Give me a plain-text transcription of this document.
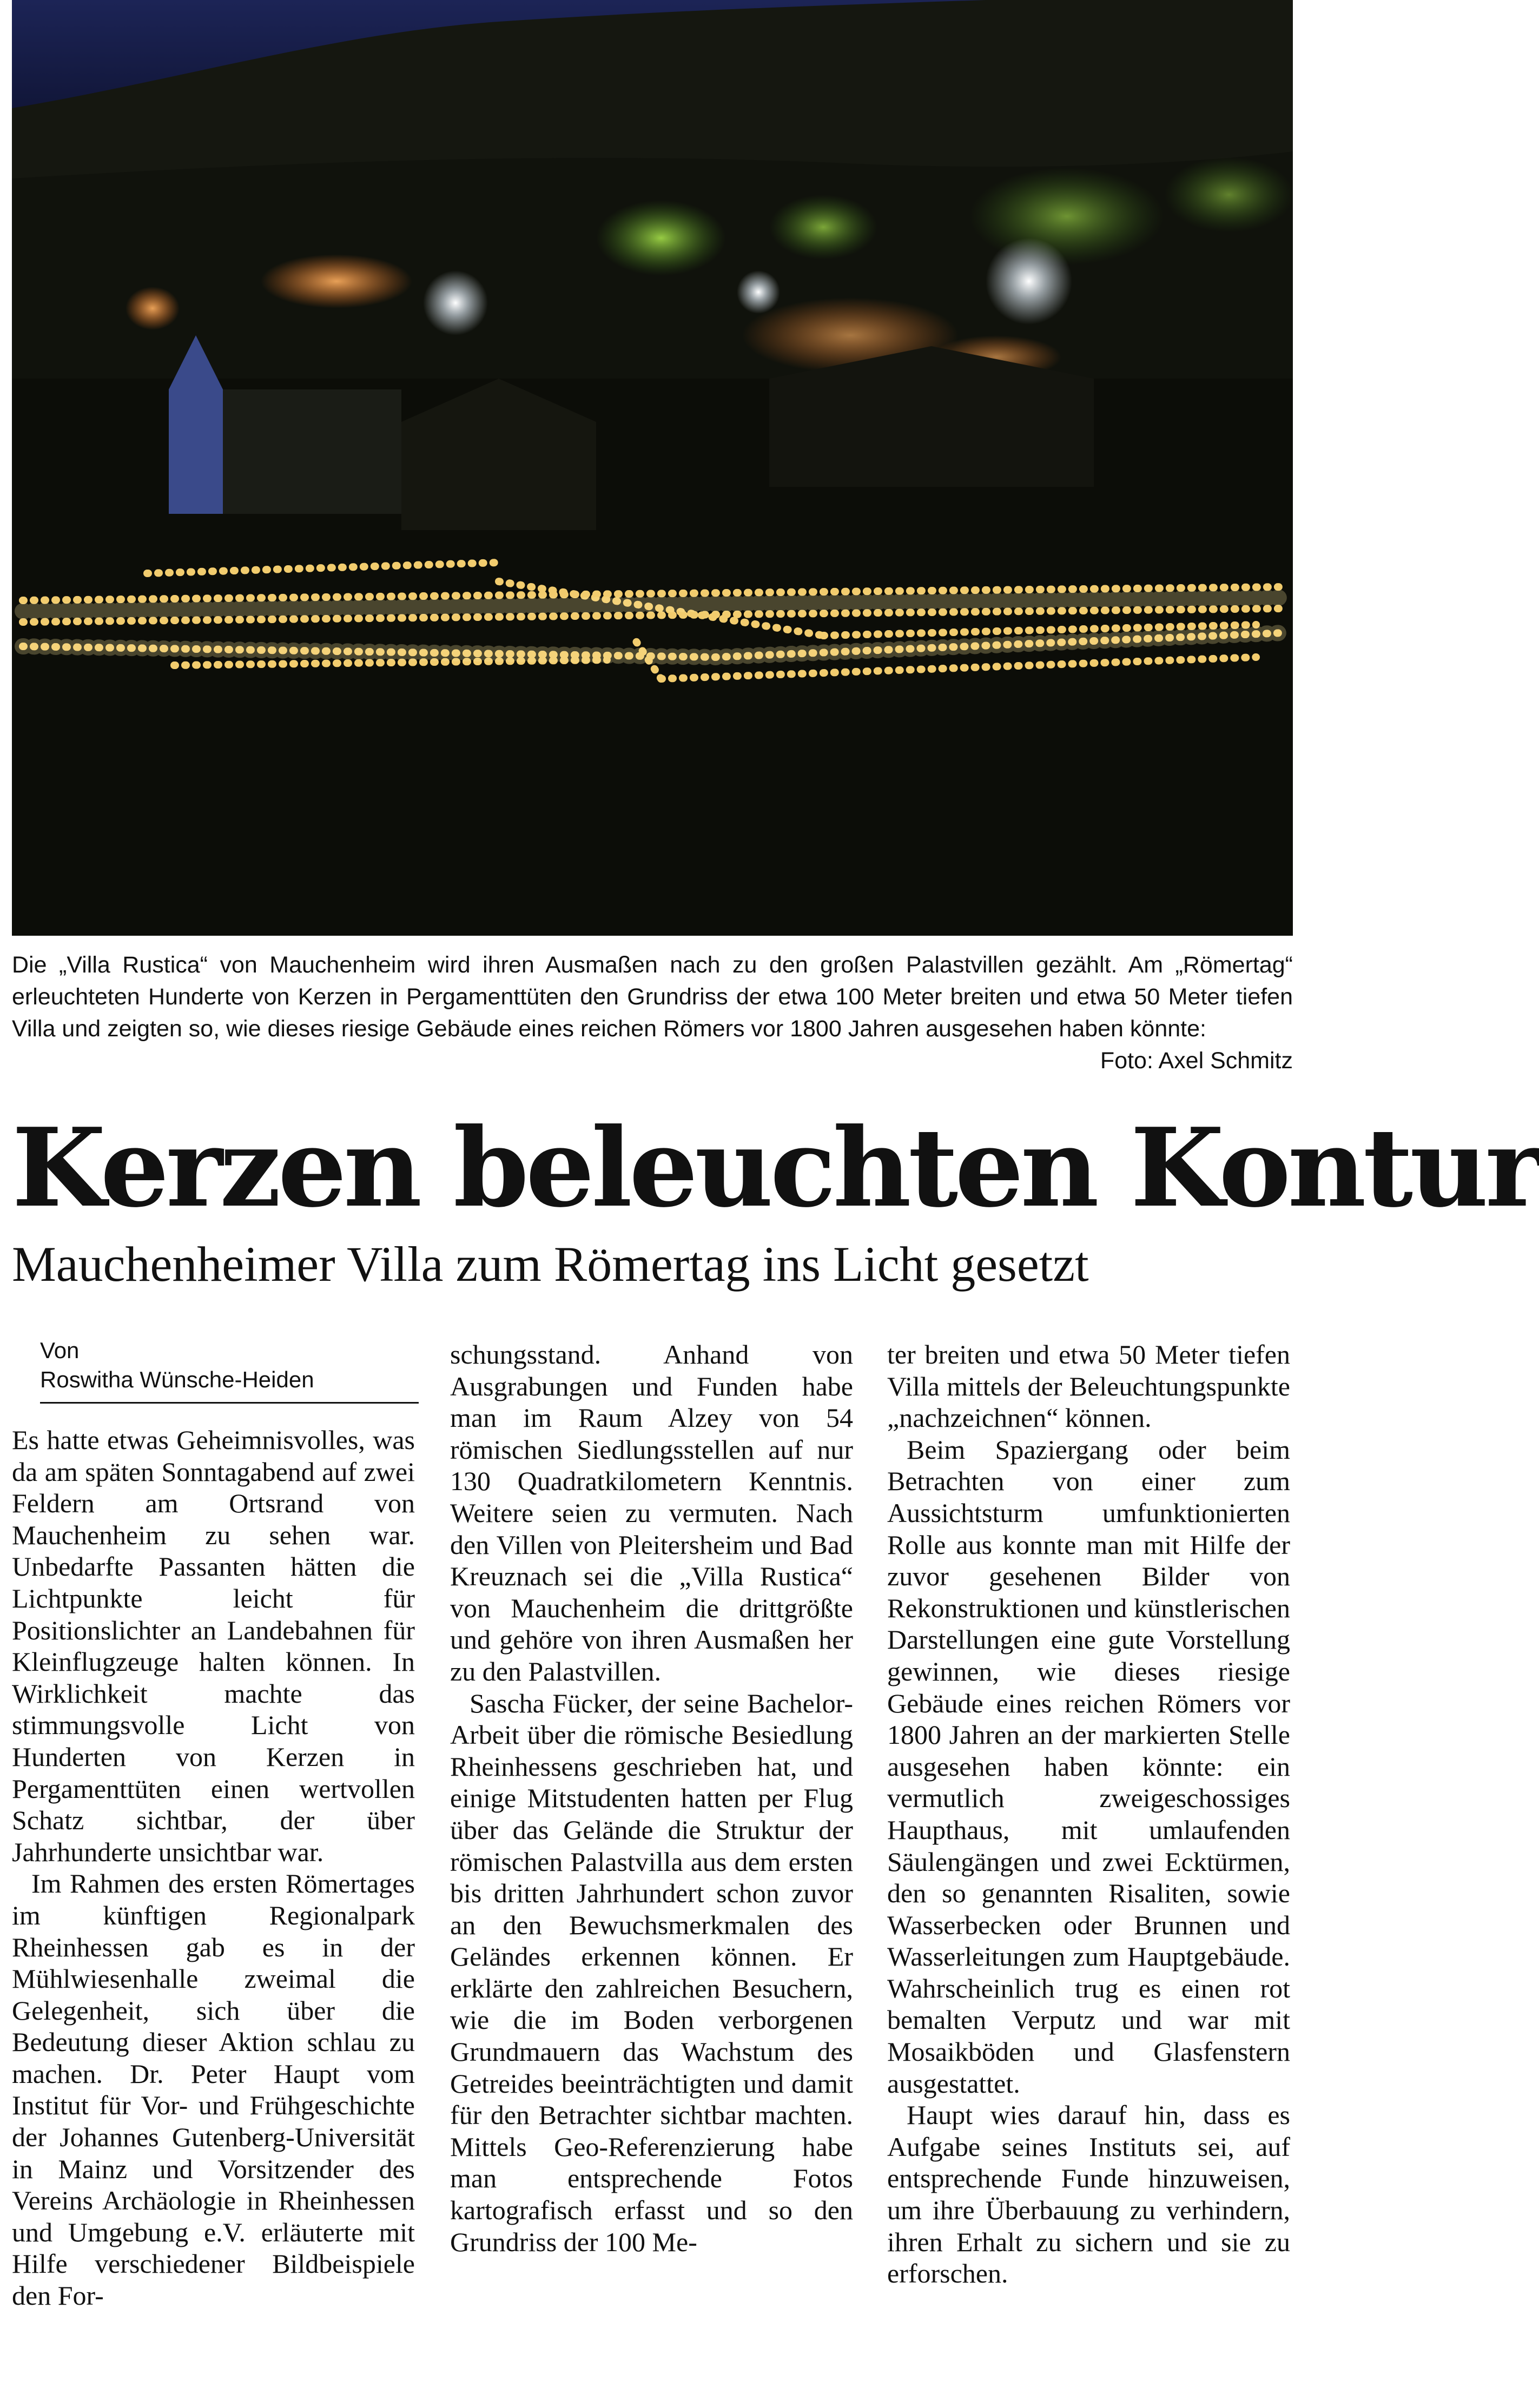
Die „Villa Rustica“ von Mauchenheim wird ihren Ausmaßen nach zu den großen Palastvillen gezählt. Am „Römertag“ erleuchteten Hunderte von Kerzen in Pergamenttüten den Grundriss der etwa 100 Meter breiten und etwa 50 Meter tiefen Villa und zeigten so, wie dieses riesige Gebäude eines reichen Römers vor 1800 Jahren ausgesehen haben könnte:
Foto: Axel Schmitz
Kerzen beleuchten Kontur
Mauchenheimer Villa zum Römertag ins Licht gesetzt
Von
Roswitha Wünsche-Heiden

Es hatte etwas Geheimnisvolles, was da am späten Sonntagabend auf zwei Feldern am Ortsrand von Mauchenheim zu sehen war. Unbedarfte Passanten hätten die Lichtpunkte leicht für Positionslichter an Landebahnen für Kleinflugzeuge halten können. In Wirklichkeit machte das stimmungsvolle Licht von Hunderten von Kerzen in Pergamenttüten einen wertvollen Schatz sichtbar, der über Jahrhunderte unsichtbar war.

Im Rahmen des ersten Römertages im künftigen Regionalpark Rheinhessen gab es in der Mühlwiesenhalle zweimal die Gelegenheit, sich über die Bedeutung dieser Aktion schlau zu machen. Dr. Peter Haupt vom Institut für Vor- und Frühgeschichte der Johannes Gutenberg-Universität in Mainz und Vorsitzender des Vereins Archäologie in Rheinhessen und Umgebung e.V. erläuterte mit Hilfe verschiedener Bildbeispiele den For-

schungsstand. Anhand von Ausgrabungen und Funden habe man im Raum Alzey von 54 römischen Siedlungsstellen auf nur 130 Quadratkilometern Kenntnis. Weitere seien zu vermuten. Nach den Villen von Pleitersheim und Bad Kreuznach sei die „Villa Rustica“ von Mauchenheim die drittgrößte und gehöre von ihren Ausmaßen her zu den Palastvillen.

Sascha Fücker, der seine Bachelor-Arbeit über die römische Besiedlung Rheinhessens geschrieben hat, und einige Mitstudenten hatten per Flug über das Gelände die Struktur der römischen Palastvilla aus dem ersten bis dritten Jahrhundert schon zuvor an den Bewuchsmerkmalen des Geländes erkennen können. Er erklärte den zahlreichen Besuchern, wie die im Boden verborgenen Grundmauern das Wachstum des Getreides beeinträchtigten und damit für den Betrachter sichtbar machten. Mittels Geo-Referenzierung habe man entsprechende Fotos kartografisch erfasst und so den Grundriss der 100 Me-

ter breiten und etwa 50 Meter tiefen Villa mittels der Beleuchtungspunkte „nachzeichnen“ können.

Beim Spaziergang oder beim Betrachten von einer zum Aussichtsturm umfunktionierten Rolle aus konnte man mit Hilfe der zuvor gesehenen Bilder von Rekonstruktionen und künstlerischen Darstellungen eine gute Vorstellung gewinnen, wie dieses riesige Gebäude eines reichen Römers vor 1800 Jahren an der markierten Stelle ausgesehen haben könnte: ein vermutlich zweigeschossiges Haupthaus, mit umlaufenden Säulengängen und zwei Ecktürmen, den so genannten Risaliten, sowie Wasserbecken oder Brunnen und Wasserleitungen zum Hauptgebäude. Wahrscheinlich trug es einen rot bemalten Verputz und war mit Mosaikböden und Glasfenstern ausgestattet.

Haupt wies darauf hin, dass es Aufgabe seines Instituts sei, auf entsprechende Funde hinzuweisen, um ihre Überbauung zu verhindern, ihren Erhalt zu sichern und sie zu erforschen.
